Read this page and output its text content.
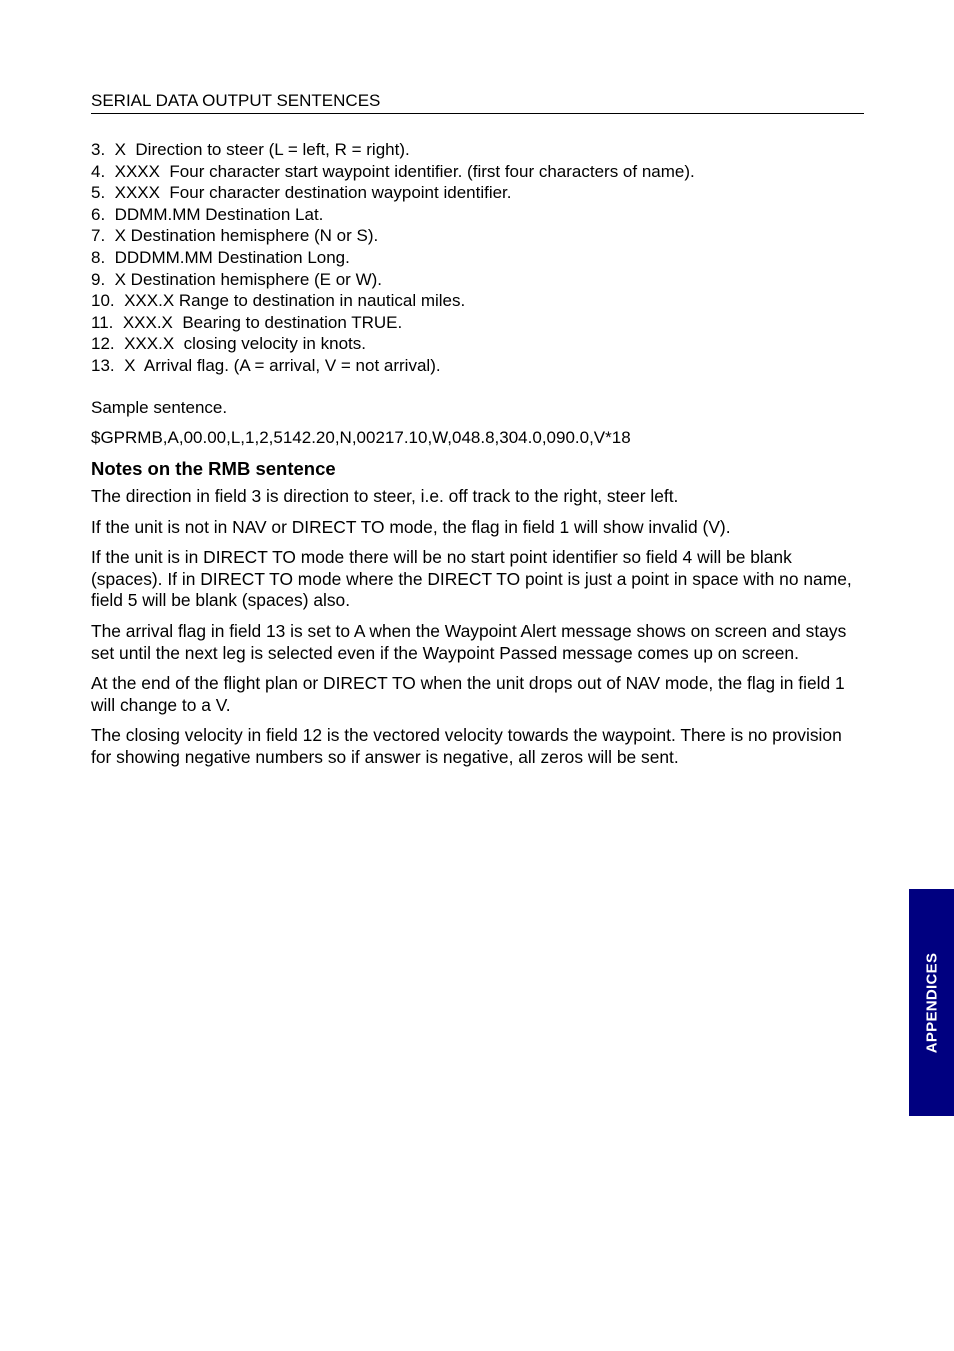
SERIAL DATA OUTPUT SENTENCES
3.  X  Direction to steer (L = left, R = right).
4.  XXXX  Four character start waypoint identifier. (first four characters of name).
5.  XXXX  Four character destination waypoint identifier.
6.  DDMM.MM Destination Lat.
7.  X Destination hemisphere (N or S).
8.  DDDMM.MM Destination Long.
9.  X Destination hemisphere (E or W).
10.  XXX.X Range to destination in nautical miles.
11.  XXX.X  Bearing to destination TRUE.
12.  XXX.X  closing velocity in knots.
13.  X  Arrival flag. (A = arrival, V = not arrival).
Sample sentence.
$GPRMB,A,00.00,L,1,2,5142.20,N,00217.10,W,048.8,304.0,090.0,V*18
Notes on the RMB sentence

The direction in field 3 is direction to steer, i.e. off track to the right, steer left.

If the unit is not in NAV or DIRECT TO mode, the flag in field 1 will show invalid (V).

If the unit is in DIRECT TO mode there will be no start point identifier so field 4 will be blank (spaces). If in DIRECT TO mode where the DIRECT TO point is just a point in space with no name, field 5 will be blank (spaces) also.

The arrival flag in field 13 is set to A when the Waypoint Alert message shows on screen and stays set until the next leg is selected even if the Waypoint Passed message comes up on screen.

At the end of the flight plan or DIRECT TO when the unit drops out of NAV mode, the flag in field 1 will change to a V.

The closing velocity in field 12 is the vectored velocity towards the waypoint. There is no provision for showing negative numbers so if answer is negative, all zeros will be sent.

APPENDICES
